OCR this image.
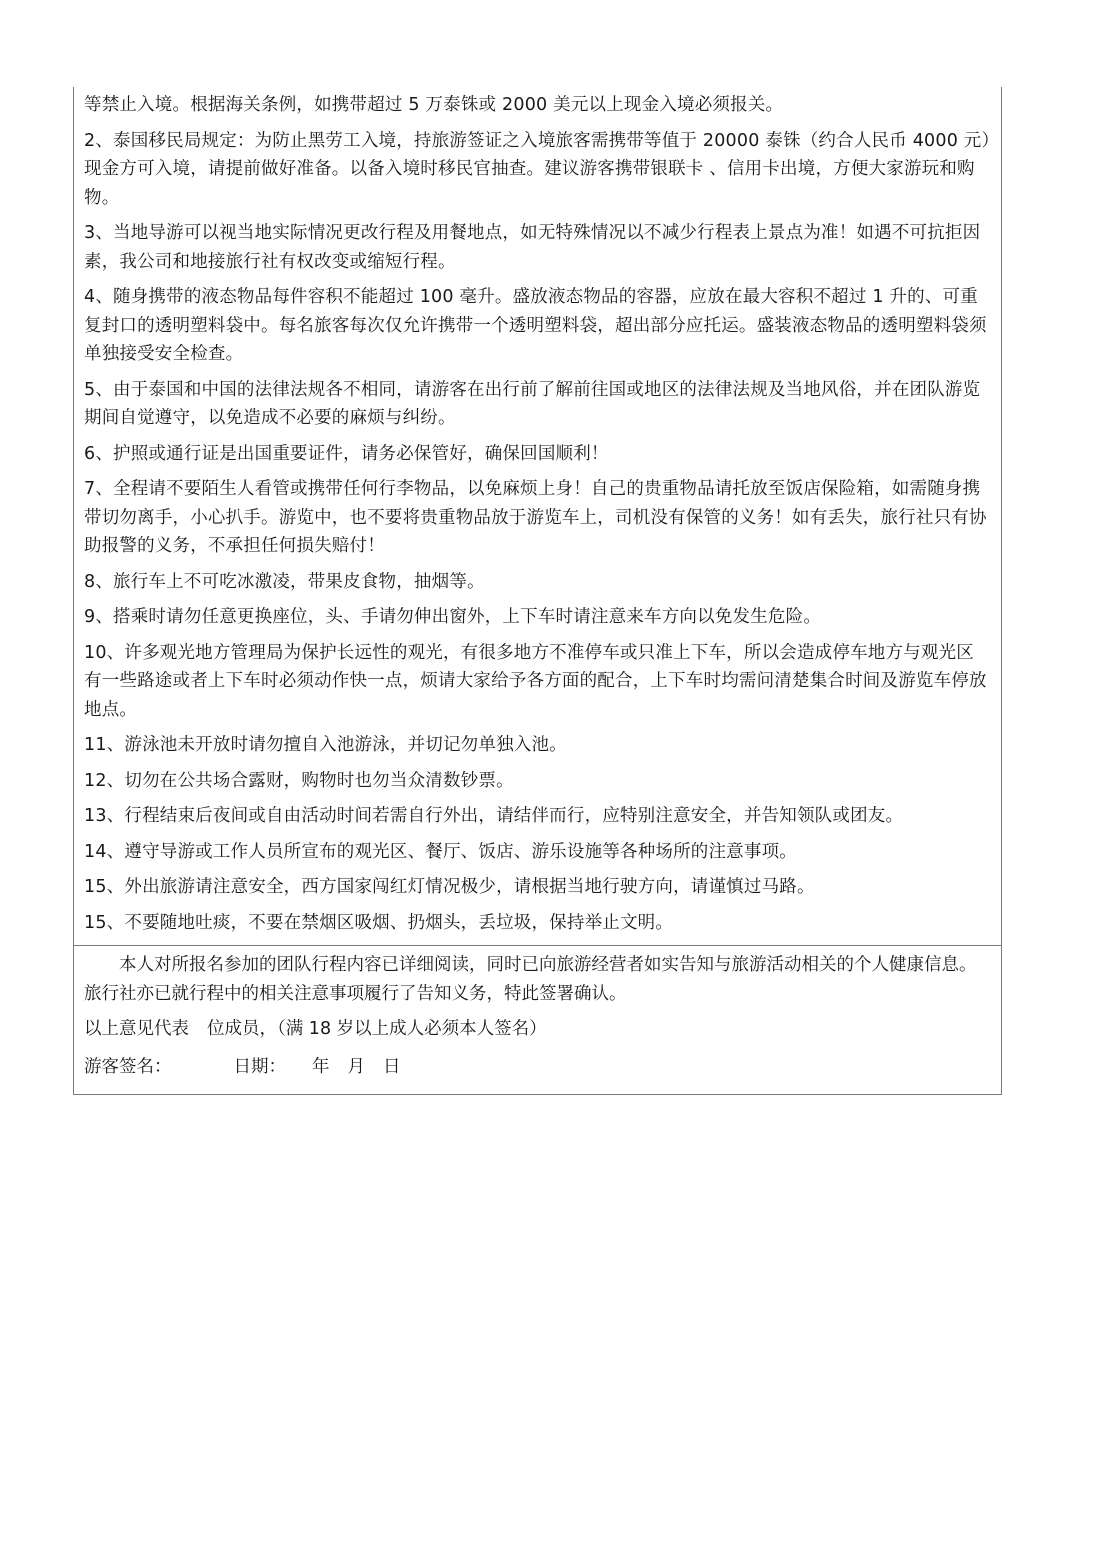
等禁止入境。根据海关条例，如携带超过 5 万泰铢或 2000 美元以上现金入境必须报关。

2、泰国移民局规定：为防止黑劳工入境，持旅游签证之入境旅客需携带等值于 20000 泰铢（约合人民币 4000 元）现金方可入境，请提前做好准备。以备入境时移民官抽查。建议游客携带银联卡 、信用卡出境，方便大家游玩和购物。

3、当地导游可以视当地实际情况更改行程及用餐地点，如无特殊情况以不减少行程表上景点为准！如遇不可抗拒因素，我公司和地接旅行社有权改变或缩短行程。

4、随身携带的液态物品每件容积不能超过 100 毫升。盛放液态物品的容器，应放在最大容积不超过 1 升的、可重复封口的透明塑料袋中。每名旅客每次仅允许携带一个透明塑料袋，超出部分应托运。盛装液态物品的透明塑料袋须单独接受安全检查。

5、由于泰国和中国的法律法规各不相同，请游客在出行前了解前往国或地区的法律法规及当地风俗，并在团队游览期间自觉遵守，以免造成不必要的麻烦与纠纷。

6、护照或通行证是出国重要证件，请务必保管好，确保回国顺利！

7、全程请不要陌生人看管或携带任何行李物品，以免麻烦上身！自己的贵重物品请托放至饭店保险箱，如需随身携带切勿离手，小心扒手。游览中，也不要将贵重物品放于游览车上，司机没有保管的义务！如有丢失，旅行社只有协助报警的义务，不承担任何损失赔付！

8、旅行车上不可吃冰激凌，带果皮食物，抽烟等。

9、搭乘时请勿任意更换座位，头、手请勿伸出窗外，上下车时请注意来车方向以免发生危险。

10、许多观光地方管理局为保护长远性的观光，有很多地方不准停车或只准上下车，所以会造成停车地方与观光区有一些路途或者上下车时必须动作快一点，烦请大家给予各方面的配合，上下车时均需问清楚集合时间及游览车停放地点。

11、游泳池未开放时请勿擅自入池游泳，并切记勿单独入池。

12、切勿在公共场合露财，购物时也勿当众清数钞票。

13、行程结束后夜间或自由活动时间若需自行外出，请结伴而行，应特别注意安全，并告知领队或团友。

14、遵守导游或工作人员所宣布的观光区、餐厅、饭店、游乐设施等各种场所的注意事项。

15、外出旅游请注意安全，西方国家闯红灯情况极少，请根据当地行驶方向，请谨慎过马路。

15、不要随地吐痰，不要在禁烟区吸烟、扔烟头，丢垃圾，保持举止文明。

本人对所报名参加的团队行程内容已详细阅读，同时已向旅游经营者如实告知与旅游活动相关的个人健康信息。旅行社亦已就行程中的相关注意事项履行了告知义务，特此签署确认。

以上意见代表 位成员，（满 18 岁以上成人必须本人签名）

游客签名：	日期： 年 月 日
